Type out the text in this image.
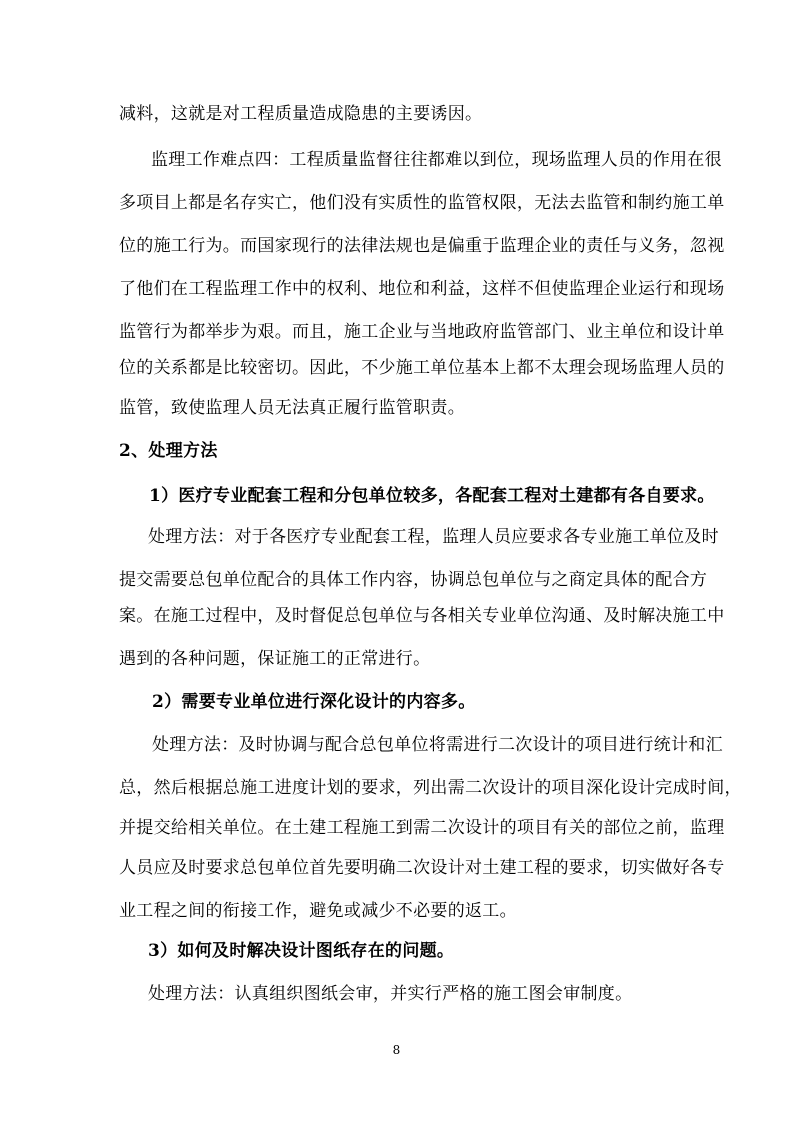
减料，这就是对工程质量造成隐患的主要诱因。
监理工作难点四：工程质量监督往往都难以到位，现场监理人员的作用在很
多项目上都是名存实亡，他们没有实质性的监管权限，无法去监管和制约施工单
位的施工行为。而国家现行的法律法规也是偏重于监理企业的责任与义务，忽视
了他们在工程监理工作中的权利、地位和利益，这样不但使监理企业运行和现场
监管行为都举步为艰。而且，施工企业与当地政府监管部门、业主单位和设计单
位的关系都是比较密切。因此，不少施工单位基本上都不太理会现场监理人员的
监管，致使监理人员无法真正履行监管职责。
2、处理方法
1）医疗专业配套工程和分包单位较多，各配套工程对土建都有各自要求。
处理方法：对于各医疗专业配套工程，监理人员应要求各专业施工单位及时
提交需要总包单位配合的具体工作内容，协调总包单位与之商定具体的配合方
案。在施工过程中，及时督促总包单位与各相关专业单位沟通、及时解决施工中
遇到的各种问题，保证施工的正常进行。
2）需要专业单位进行深化设计的内容多。
处理方法：及时协调与配合总包单位将需进行二次设计的项目进行统计和汇
总，然后根据总施工进度计划的要求，列出需二次设计的项目深化设计完成时间，
并提交给相关单位。在土建工程施工到需二次设计的项目有关的部位之前，监理
人员应及时要求总包单位首先要明确二次设计对土建工程的要求，切实做好各专
业工程之间的衔接工作，避免或减少不必要的返工。
3）如何及时解决设计图纸存在的问题。
处理方法：认真组织图纸会审，并实行严格的施工图会审制度。
8
